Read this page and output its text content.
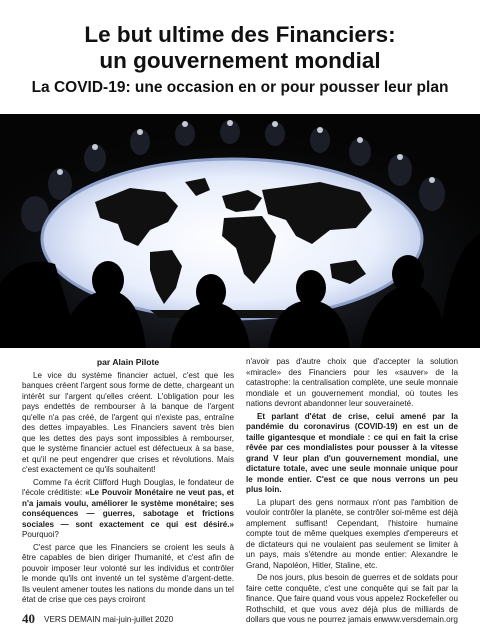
Le but ultime des Financiers:
un gouvernement mondial
La COVID-19: une occasion en or pour pousser leur plan
par Alain Pilote

Le vice du système financier actuel, c'est que les banques créent l'argent sous forme de dette, chargeant un intérêt sur l'argent qu'elles créent. L'obligation pour les pays endettés de rembourser à la banque de l'argent qu'elle n'a pas créé, de l'argent qui n'existe pas, entraîne des dettes impayables. Les Financiers savent très bien que les dettes des pays sont impossibles à rembourser, que le système financier actuel est défectueux à sa base, et qu'il ne peut engendrer que crises et révolutions. Mais c'est exactement ce qu'ils souhaitent!

Comme l'a écrit Clifford Hugh Douglas, le fondateur de l'école créditiste: «Le Pouvoir Monétaire ne veut pas, et n'a jamais voulu, améliorer le système monétaire; ses conséquences — guerres, sabotage et frictions sociales — sont exactement ce qui est désiré.» Pourquoi?

C'est parce que les Financiers se croient les seuls à être capables de bien diriger l'humanité, et c'est afin de pouvoir imposer leur volonté sur les individus et contrôler le monde qu'ils ont inventé un tel système d'argent-dette. Ils veulent amener toutes les nations du monde dans un tel état de crise que ces pays croiront

n'avoir pas d'autre choix que d'accepter la solution «miracle» des Financiers pour les «sauver» de la catastrophe: la centralisation complète, une seule monnaie mondiale et un gouvernement mondial, où toutes les nations devront abandonner leur souveraineté.

Et parlant d'état de crise, celui amené par la pandémie du coronavirus (COVID-19) en est un de taille gigantesque et mondiale : ce qui en fait la crise rêvée par ces mondialistes pour pousser à la vitesse grand V leur plan d'un gouvernement mondial, une dictature totale, avec une seule monnaie unique pour le monde entier. C'est ce que nous verrons un peu plus loin.

La plupart des gens normaux n'ont pas l'ambition de vouloir contrôler la planète, se contrôler soi-même est déjà amplement suffisant! Cependant, l'histoire humaine compte tout de même quelques exemples d'empereurs et de dictateurs qui ne voulaient pas seulement se limiter à un pays, mais s'étendre au monde entier: Alexandre le Grand, Napoléon, Hitler, Staline, etc.

De nos jours, plus besoin de guerres et de soldats pour faire cette conquête, c'est une conquête qui se fait par la finance. Que faire quand vous vous appelez Rockefeller ou Rothschild, et que vous avez déjà plus de milliards de dollars que vous ne pourrez jamais en

40 VERS DEMAIN mai-juin-juillet 2020	www.versdemain.org
